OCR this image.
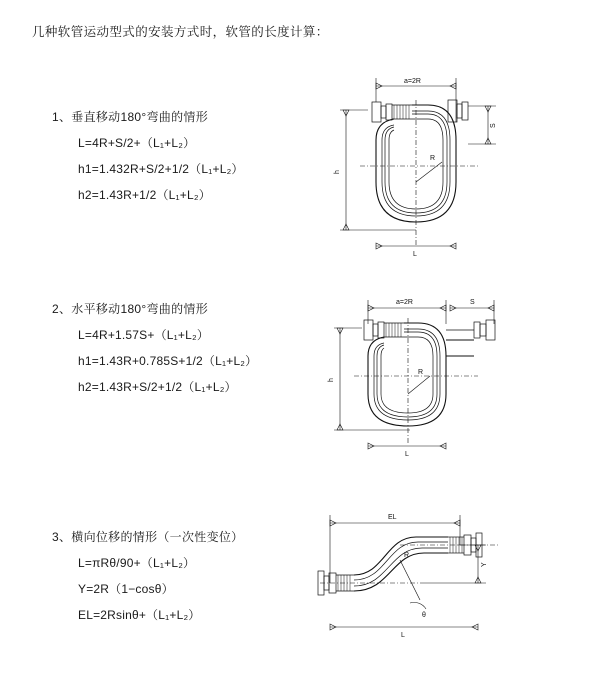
几种软管运动型式的安装方式时，软管的长度计算：
1、垂直移动180°弯曲的情形
L=4R+S/2+（L₁+L₂）
h1=1.432R+S/2+1/2（L₁+L₂）
h2=1.43R+1/2（L₁+L₂）
a=2R
h
S
R
L
2、水平移动180°弯曲的情形
L=4R+1.57S+（L₁+L₂）
h1=1.43R+0.785S+1/2（L₁+L₂）
h2=1.43R+S/2+1/2（L₁+L₂）
a=2R	S
h
R
L
3、横向位移的情形（一次性变位）
L=πRθ/90+（L₁+L₂）
Y=2R（1−cosθ）
EL=2Rsinθ+（L₁+L₂）
EL
Y
R
θ
L
